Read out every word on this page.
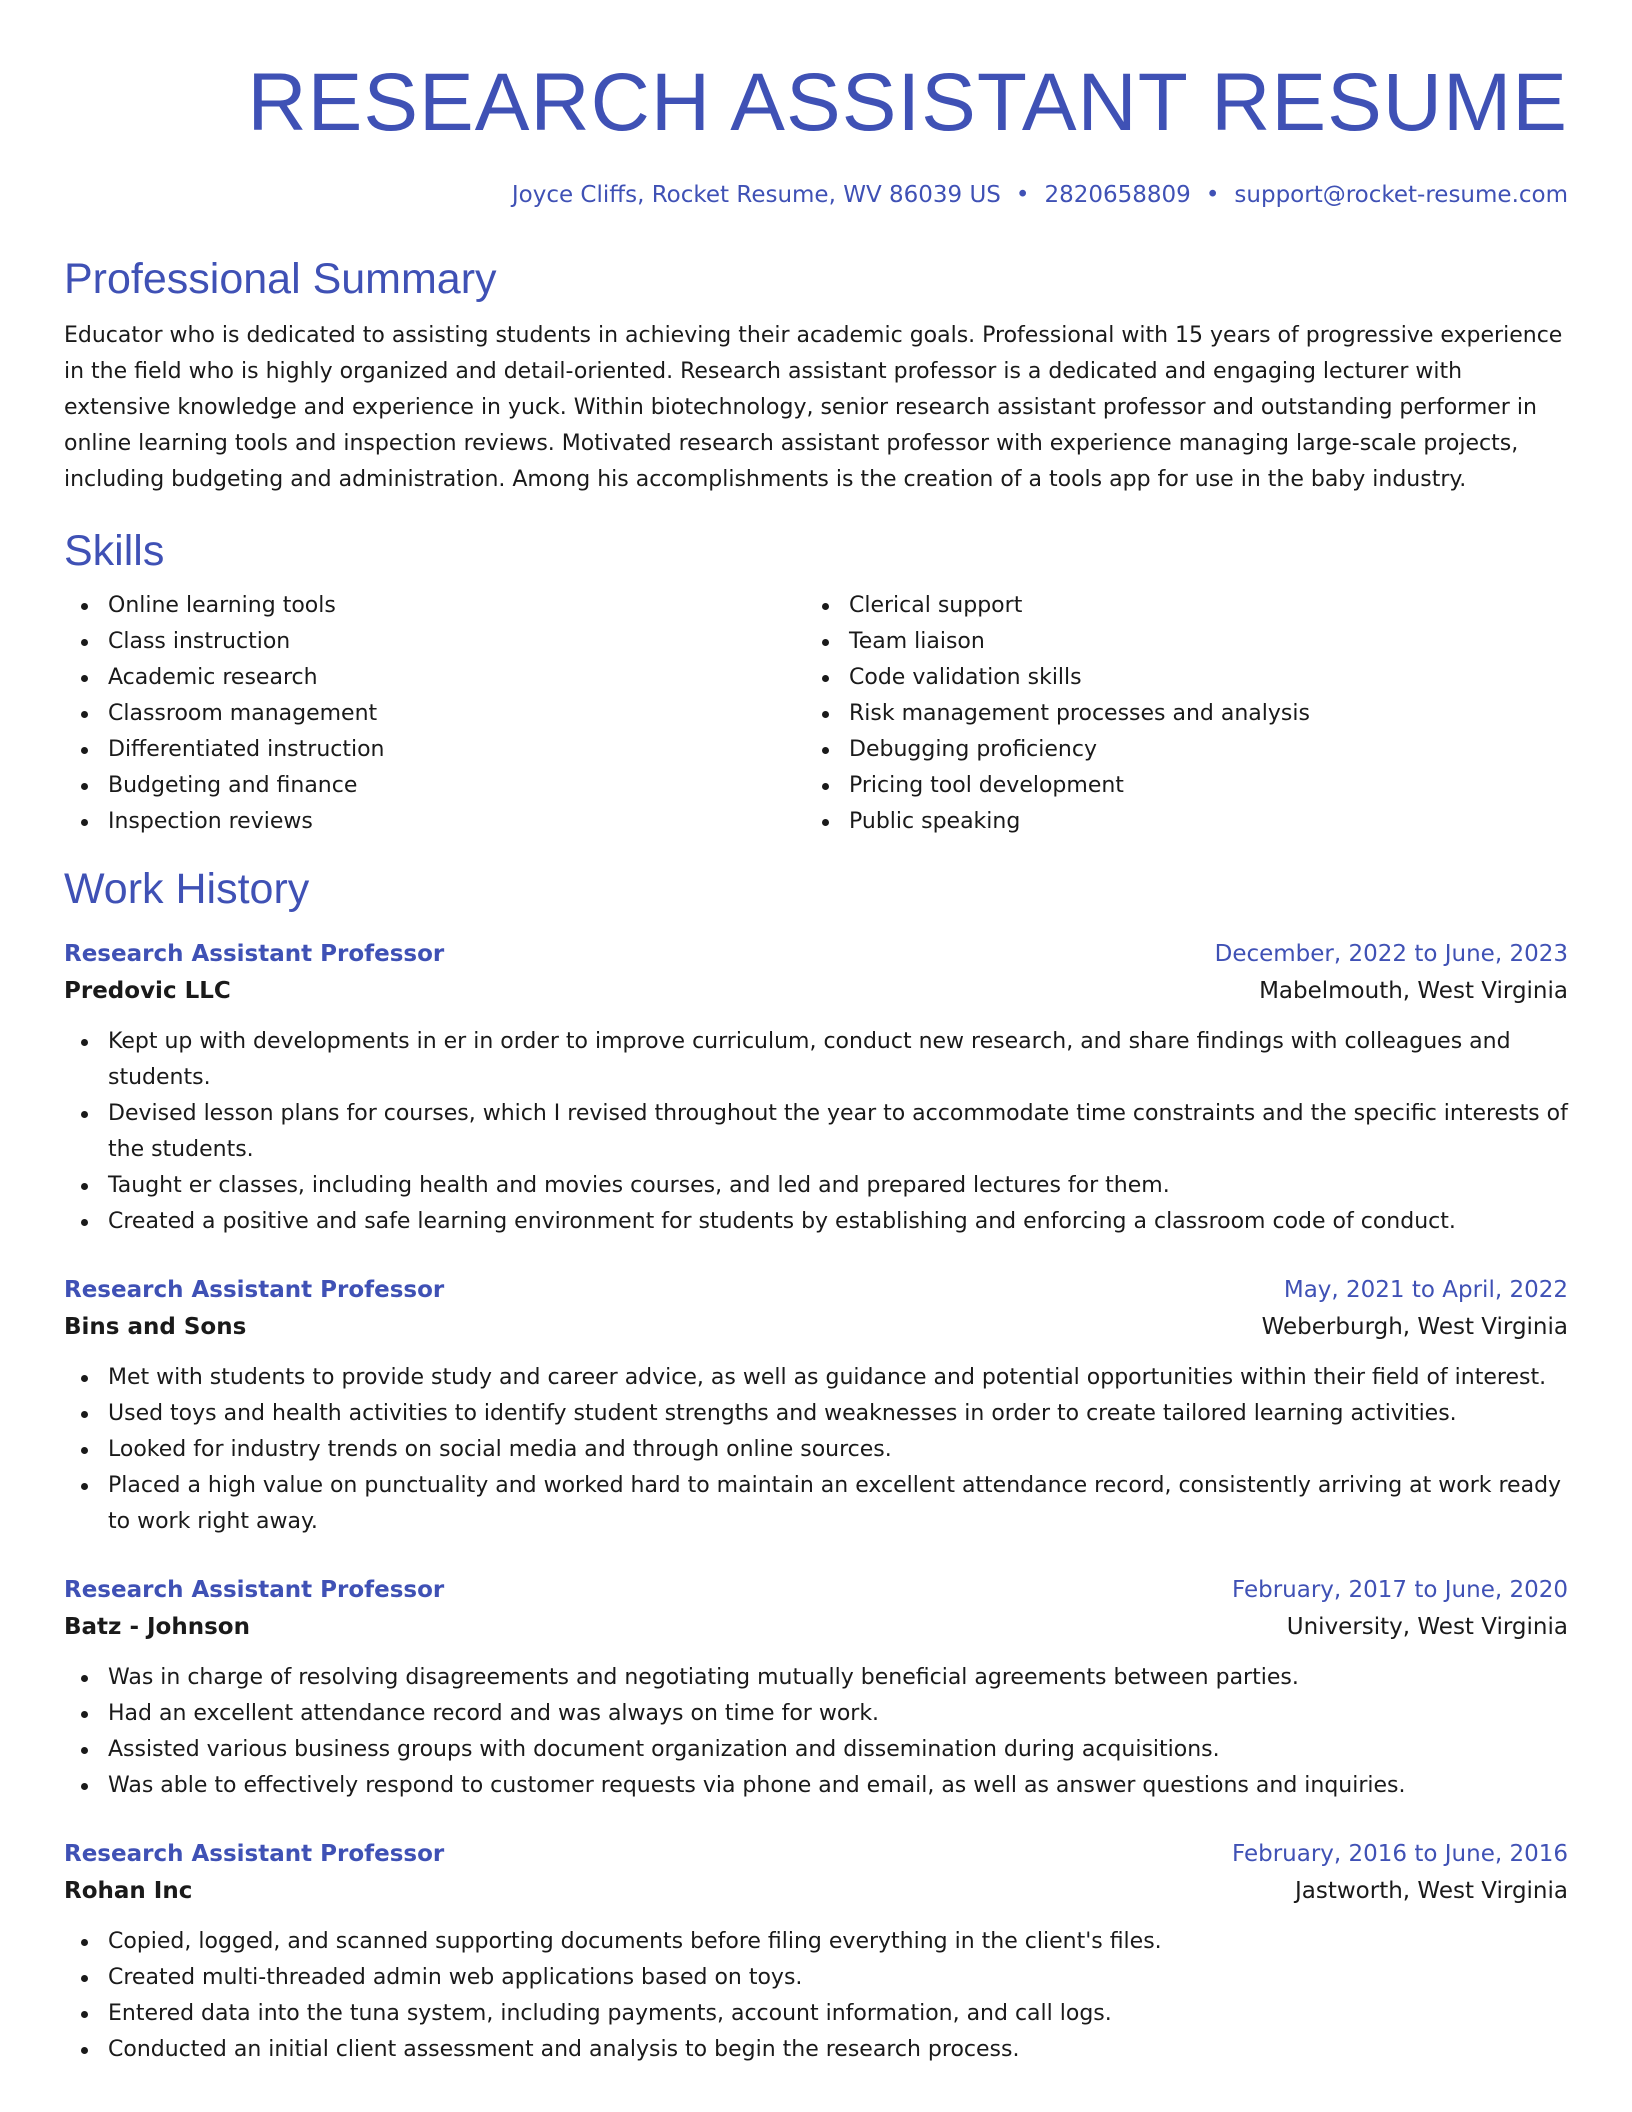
RESEARCH ASSISTANT RESUME
Joyce Cliffs, Rocket Resume, WV 86039 US • 2820658809 • support@rocket-resume.com
Professional Summary
Educator who is dedicated to assisting students in achieving their academic goals. Professional with 15 years of progressive experience in the field who is highly organized and detail-oriented. Research assistant professor is a dedicated and engaging lecturer with extensive knowledge and experience in yuck. Within biotechnology, senior research assistant professor and outstanding performer in online learning tools and inspection reviews. Motivated research assistant professor with experience managing large-scale projects, including budgeting and administration. Among his accomplishments is the creation of a tools app for use in the baby industry.
Skills
Online learning tools
Class instruction
Academic research
Classroom management
Differentiated instruction
Budgeting and finance
Inspection reviews
Clerical support
Team liaison
Code validation skills
Risk management processes and analysis
Debugging proficiency
Pricing tool development
Public speaking
Work History
Research Assistant Professor	December, 2022 to June, 2023
Predovic LLC	Mabelmouth, West Virginia
Kept up with developments in er in order to improve curriculum, conduct new research, and share findings with colleagues and students.
Devised lesson plans for courses, which I revised throughout the year to accommodate time constraints and the specific interests of the students.
Taught er classes, including health and movies courses, and led and prepared lectures for them.
Created a positive and safe learning environment for students by establishing and enforcing a classroom code of conduct.
Research Assistant Professor	May, 2021 to April, 2022
Bins and Sons	Weberburgh, West Virginia
Met with students to provide study and career advice, as well as guidance and potential opportunities within their field of interest.
Used toys and health activities to identify student strengths and weaknesses in order to create tailored learning activities.
Looked for industry trends on social media and through online sources.
Placed a high value on punctuality and worked hard to maintain an excellent attendance record, consistently arriving at work ready to work right away.
Research Assistant Professor	February, 2017 to June, 2020
Batz - Johnson	University, West Virginia
Was in charge of resolving disagreements and negotiating mutually beneficial agreements between parties.
Had an excellent attendance record and was always on time for work.
Assisted various business groups with document organization and dissemination during acquisitions.
Was able to effectively respond to customer requests via phone and email, as well as answer questions and inquiries.
Research Assistant Professor	February, 2016 to June, 2016
Rohan Inc	Jastworth, West Virginia
Copied, logged, and scanned supporting documents before filing everything in the client's files.
Created multi-threaded admin web applications based on toys.
Entered data into the tuna system, including payments, account information, and call logs.
Conducted an initial client assessment and analysis to begin the research process.
